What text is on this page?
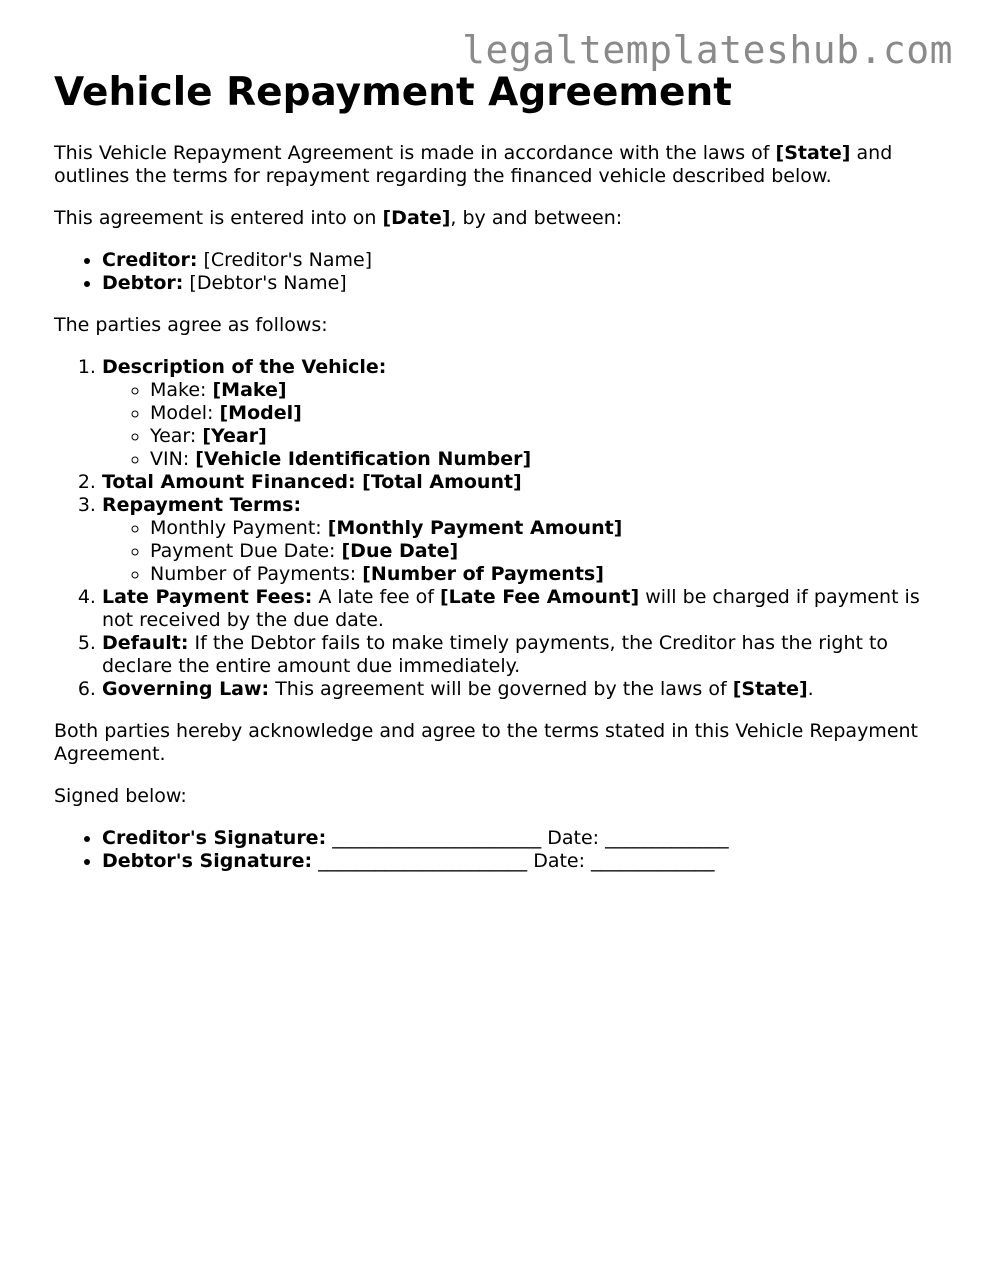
legaltemplateshub.com
Vehicle Repayment Agreement

This Vehicle Repayment Agreement is made in accordance with the laws of [State] and outlines the terms for repayment regarding the financed vehicle described below.

This agreement is entered into on [Date], by and between:

• Creditor: [Creditor's Name]
• Debtor: [Debtor's Name]

The parties agree as follows:

1. Description of the Vehicle:
◦ Make: [Make]
◦ Model: [Model]
◦ Year: [Year]
◦ VIN: [Vehicle Identification Number]
2. Total Amount Financed: [Total Amount]
3. Repayment Terms:
◦ Monthly Payment: [Monthly Payment Amount]
◦ Payment Due Date: [Due Date]
◦ Number of Payments: [Number of Payments]
4. Late Payment Fees: A late fee of [Late Fee Amount] will be charged if payment is not received by the due date.
5. Default: If the Debtor fails to make timely payments, the Creditor has the right to declare the entire amount due immediately.
6. Governing Law: This agreement will be governed by the laws of [State].

Both parties hereby acknowledge and agree to the terms stated in this Vehicle Repayment Agreement.

Signed below:

• Creditor's Signature: ______________________ Date: _____________
• Debtor's Signature: ______________________ Date: _____________
